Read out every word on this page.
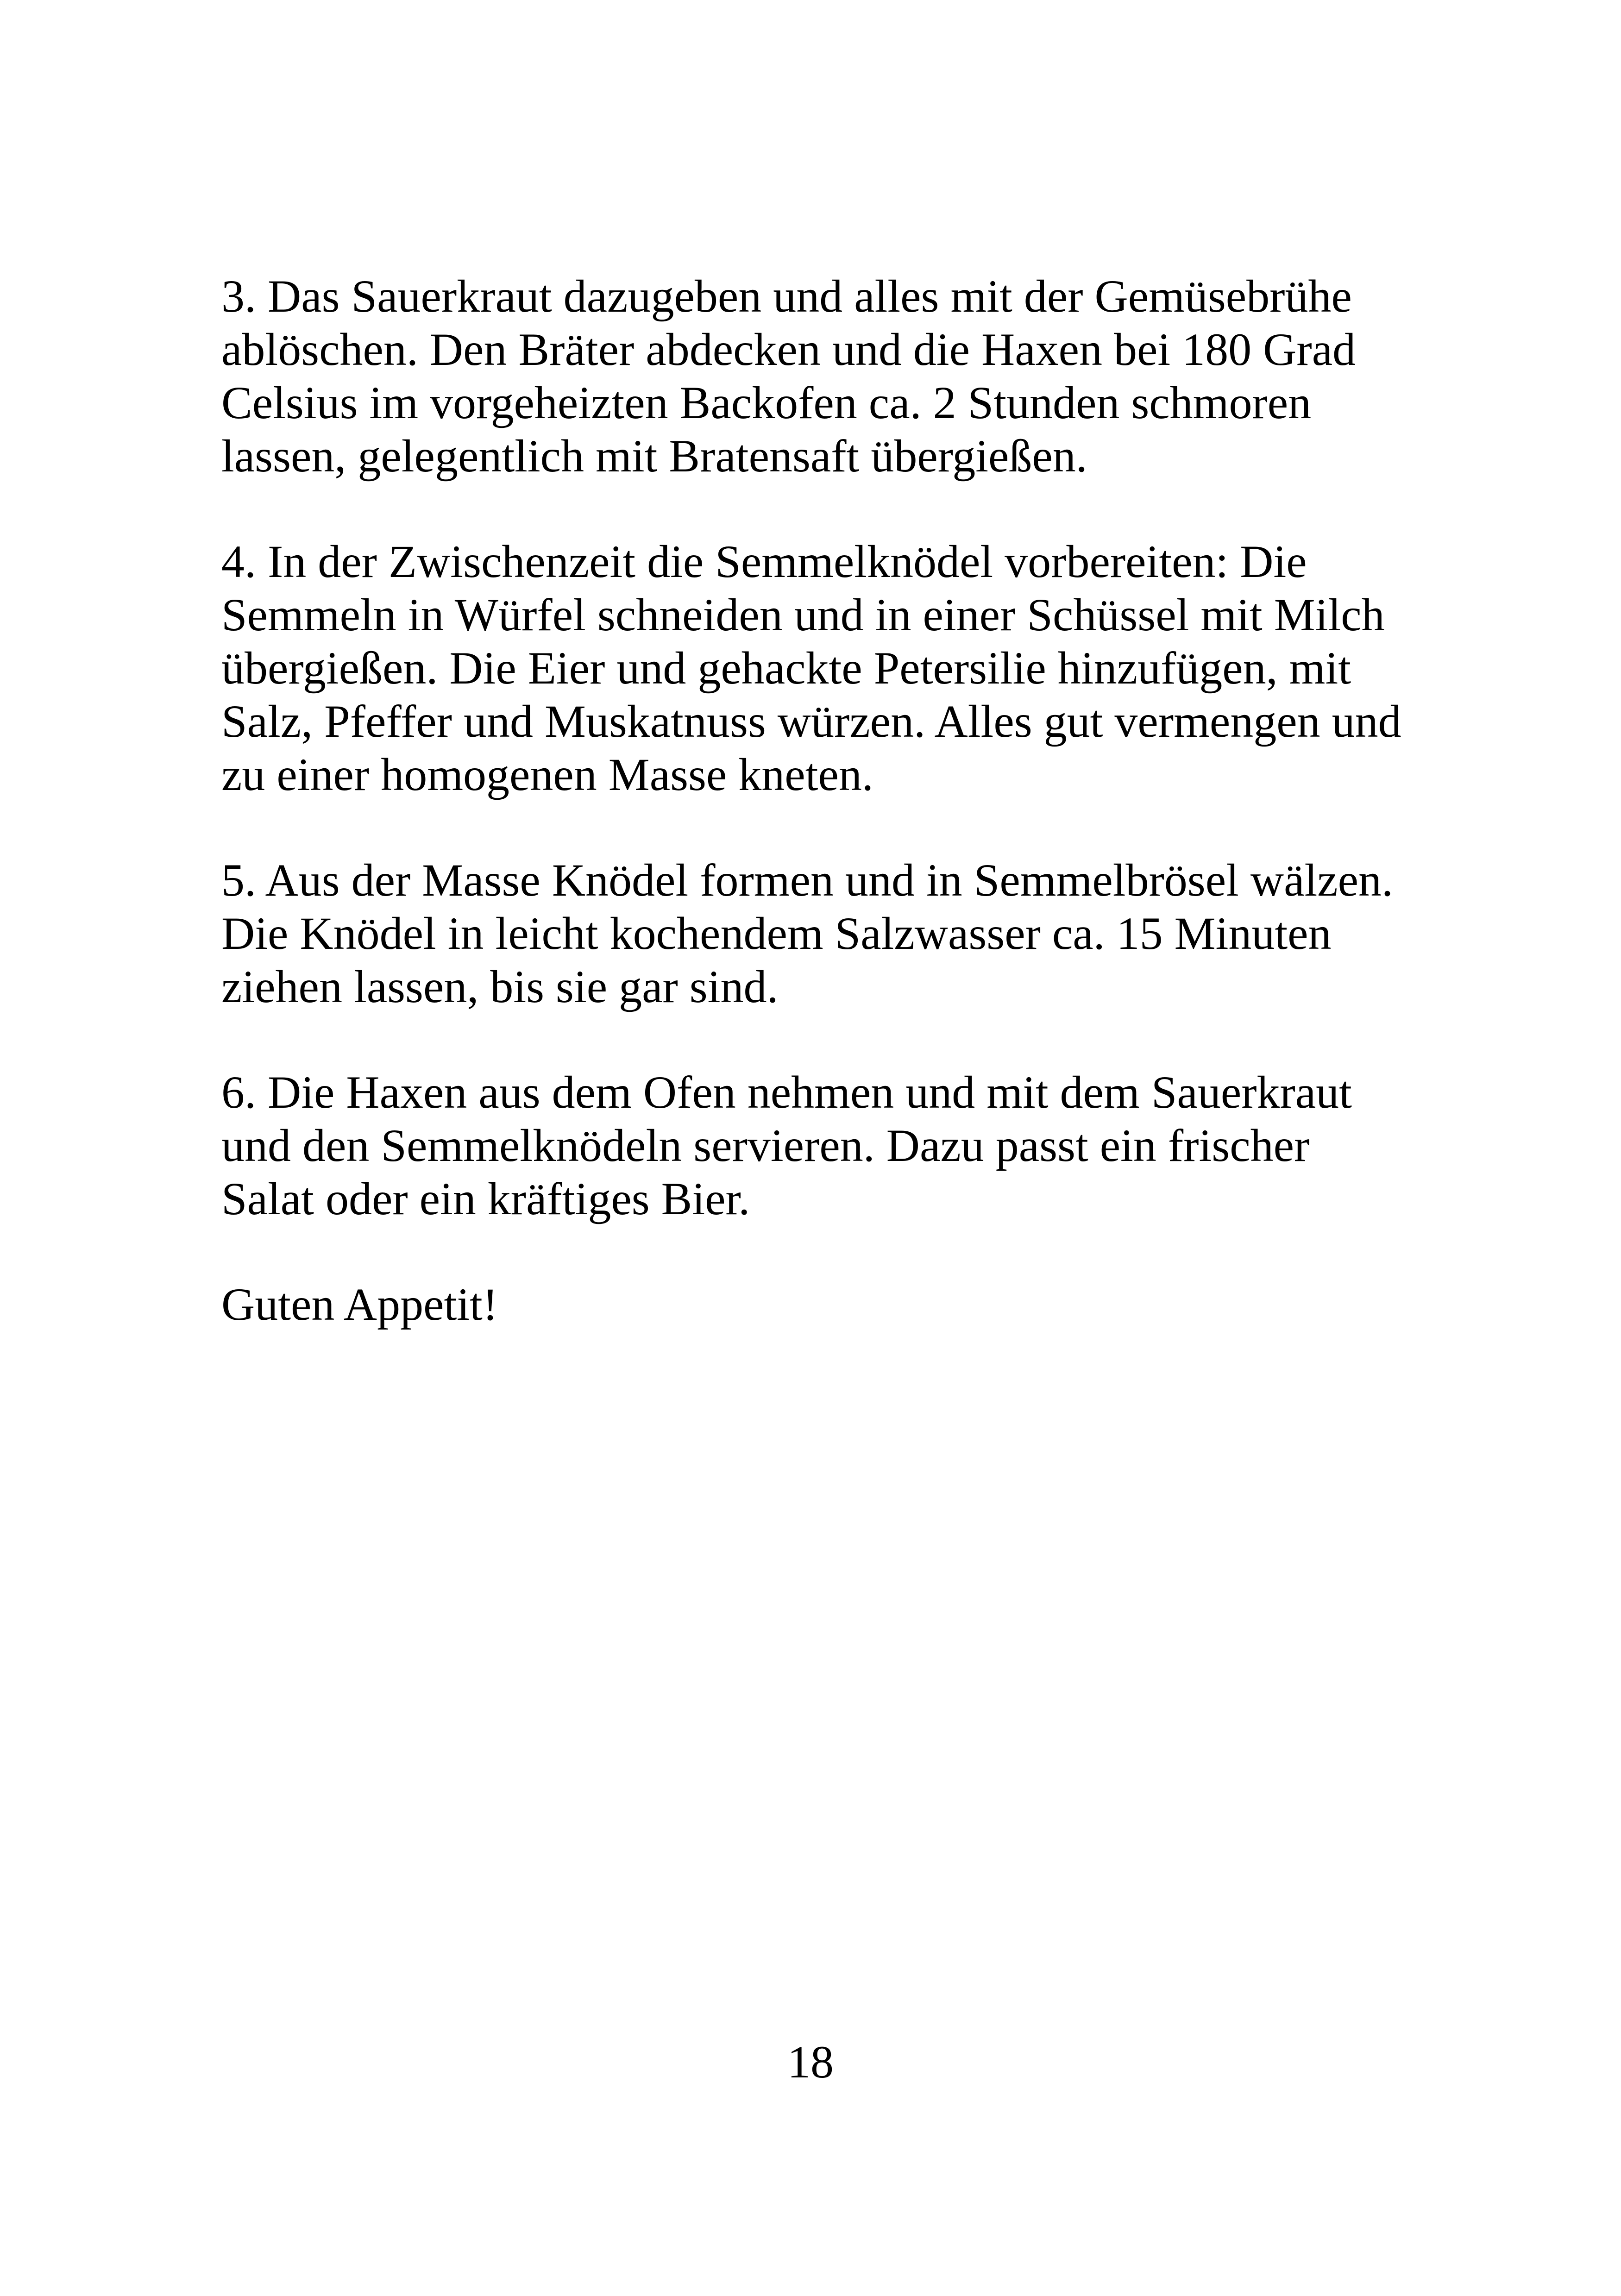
3. Das Sauerkraut dazugeben und alles mit der Gemüsebrühe
ablöschen. Den Bräter abdecken und die Haxen bei 180 Grad
Celsius im vorgeheizten Backofen ca. 2 Stunden schmoren
lassen, gelegentlich mit Bratensaft übergießen.

4. In der Zwischenzeit die Semmelknödel vorbereiten: Die
Semmeln in Würfel schneiden und in einer Schüssel mit Milch
übergießen. Die Eier und gehackte Petersilie hinzufügen, mit
Salz, Pfeffer und Muskatnuss würzen. Alles gut vermengen und
zu einer homogenen Masse kneten.

5. Aus der Masse Knödel formen und in Semmelbrösel wälzen.
Die Knödel in leicht kochendem Salzwasser ca. 15 Minuten
ziehen lassen, bis sie gar sind.

6. Die Haxen aus dem Ofen nehmen und mit dem Sauerkraut
und den Semmelknödeln servieren. Dazu passt ein frischer
Salat oder ein kräftiges Bier.

Guten Appetit!

18
